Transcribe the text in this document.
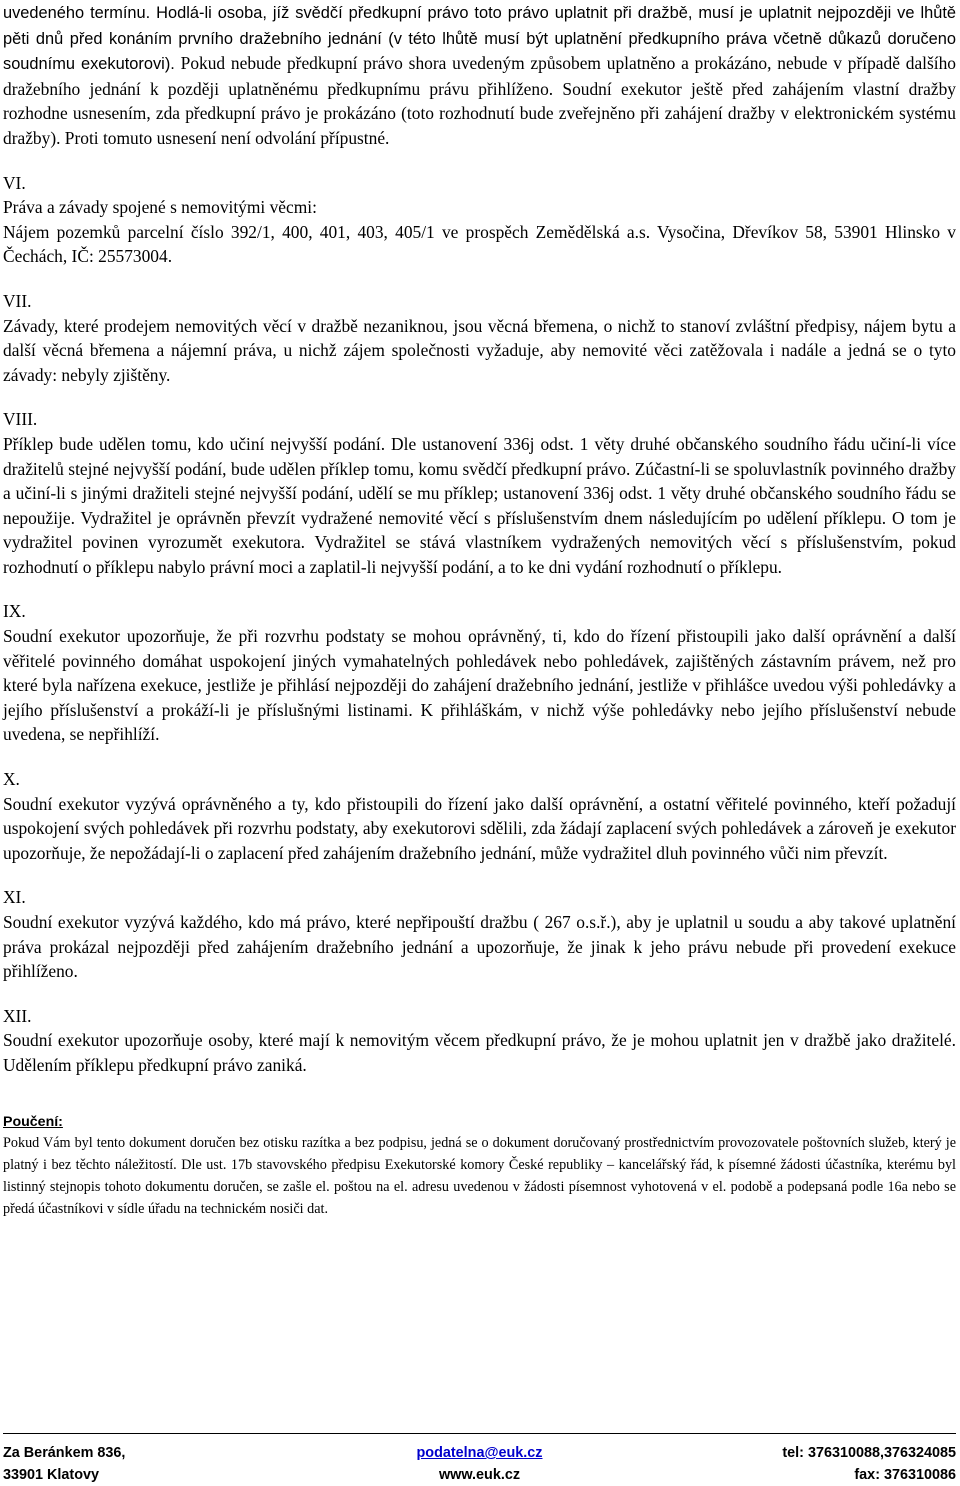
uvedeného termínu. Hodlá-li osoba, jíž svědčí předkupní právo toto právo uplatnit při dražbě, musí je uplatnit nejpozději ve lhůtě pěti dnů před konáním prvního dražebního jednání (v této lhůtě musí být uplatnění předkupního práva včetně důkazů doručeno soudnímu exekutorovi). Pokud nebude předkupní právo shora uvedeným způsobem uplatněno a prokázáno, nebude v případě dalšího dražebního jednání k později uplatněnému předkupnímu právu přihlíženo. Soudní exekutor ještě před zahájením vlastní dražby rozhodne usnesením, zda předkupní právo je prokázáno (toto rozhodnutí bude zveřejněno při zahájení dražby v elektronickém systému dražby). Proti tomuto usnesení není odvolání přípustné.

VI.

Práva a závady spojené s nemovitými věcmi:

Nájem pozemků parcelní číslo 392/1, 400, 401, 403, 405/1 ve prospěch Zemědělská a.s. Vysočina, Dřevíkov 58, 53901 Hlinsko v Čechách, IČ: 25573004.

VII.

Závady, které prodejem nemovitých věcí v dražbě nezaniknou, jsou věcná břemena, o nichž to stanoví zvláštní předpisy, nájem bytu a další věcná břemena a nájemní práva, u nichž zájem společnosti vyžaduje, aby nemovité věci zatěžovala i nadále a jedná se o tyto závady: nebyly zjištěny.

VIII.

Příklep bude udělen tomu, kdo učiní nejvyšší podání. Dle ustanovení 336j odst. 1 věty druhé občanského soudního řádu učiní-li více dražitelů stejné nejvyšší podání, bude udělen příklep tomu, komu svědčí předkupní právo. Zúčastní-li se spoluvlastník povinného dražby a učiní-li s jinými dražiteli stejné nejvyšší podání, udělí se mu příklep; ustanovení 336j odst. 1 věty druhé občanského soudního řádu se nepoužije. Vydražitel je oprávněn převzít vydražené nemovité věcí s příslušenstvím dnem následujícím po udělení příklepu. O tom je vydražitel povinen vyrozumět exekutora. Vydražitel se stává vlastníkem vydražených nemovitých věcí s příslušenstvím, pokud rozhodnutí o příklepu nabylo právní moci a zaplatil-li nejvyšší podání, a to ke dni vydání rozhodnutí o příklepu.

IX.

Soudní exekutor upozorňuje, že při rozvrhu podstaty se mohou oprávněný, ti, kdo do řízení přistoupili jako další oprávnění a další věřitelé povinného domáhat uspokojení jiných vymahatelných pohledávek nebo pohledávek, zajištěných zástavním právem, než pro které byla nařízena exekuce, jestliže je přihlásí nejpozději do zahájení dražebního jednání, jestliže v přihlášce uvedou výši pohledávky a jejího příslušenství a prokáží-li je příslušnými listinami. K přihláškám, v nichž výše pohledávky nebo jejího příslušenství nebude uvedena, se nepřihlíží.

X.

Soudní exekutor vyzývá oprávněného a ty, kdo přistoupili do řízení jako další oprávnění, a ostatní věřitelé povinného, kteří požadují uspokojení svých pohledávek při rozvrhu podstaty, aby exekutorovi sdělili, zda žádají zaplacení svých pohledávek a zároveň je exekutor upozorňuje, že nepožádají-li o zaplacení před zahájením dražebního jednání, může vydražitel dluh povinného vůči nim převzít.

XI.

Soudní exekutor vyzývá každého, kdo má právo, které nepřipouští dražbu ( 267 o.s.ř.), aby je uplatnil u soudu a aby takové uplatnění práva prokázal nejpozději před zahájením dražebního jednání a upozorňuje, že jinak k jeho právu nebude při provedení exekuce přihlíženo.

XII.

Soudní exekutor upozorňuje osoby, které mají k nemovitým věcem předkupní právo, že je mohou uplatnit jen v dražbě jako dražitelé. Udělením příklepu předkupní právo zaniká.

Poučení:

Pokud Vám byl tento dokument doručen bez otisku razítka a bez podpisu, jedná se o dokument doručovaný prostřednictvím provozovatele poštovních služeb, který je platný i bez těchto náležitostí. Dle ust. 17b stavovského předpisu Exekutorské komory České republiky – kancelářský řád, k písemné žádosti účastníka, kterému byl listinný stejnopis tohoto dokumentu doručen, se zašle el. poštou na el. adresu uvedenou v žádosti písemnost vyhotovená v el. podobě a podepsaná podle 16a nebo se předá účastníkovi v sídle úřadu na technickém nosiči dat.

Za Beránkem 836,	podatelna@euk.cz	tel: 376310088,376324085
33901 Klatovy	www.euk.cz	fax: 376310086
